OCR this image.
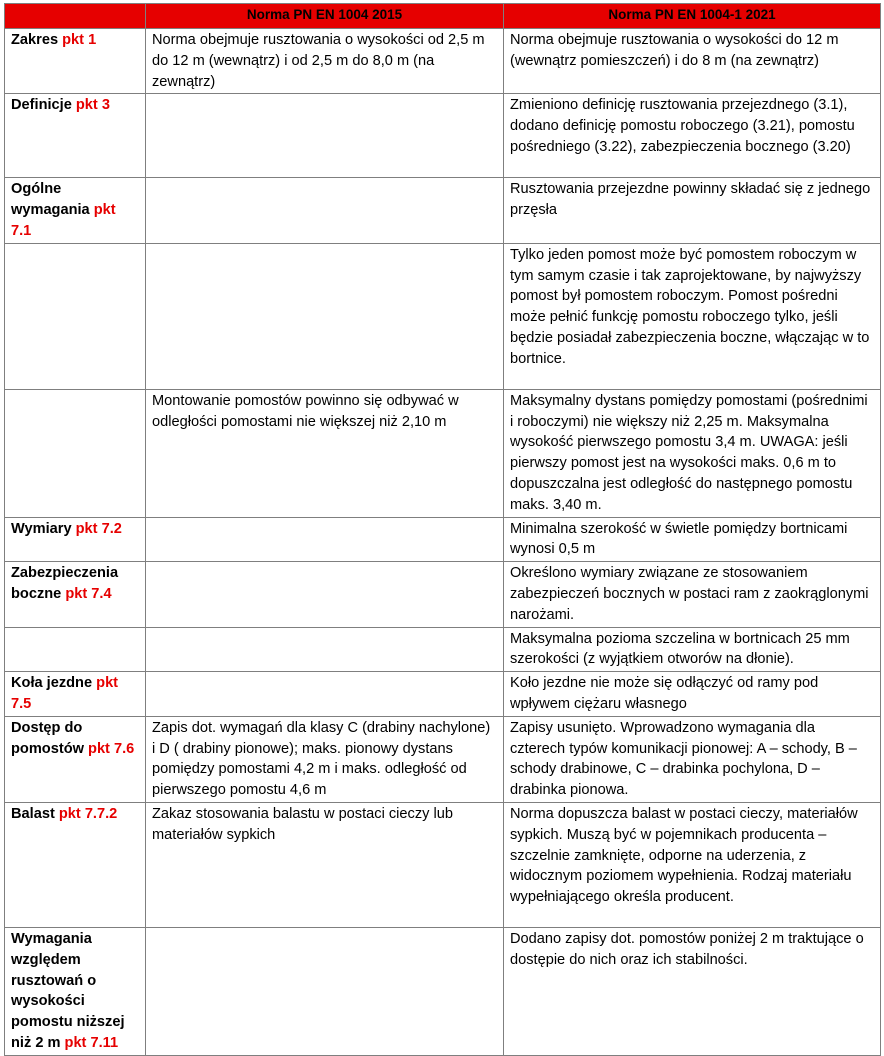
	Norma PN EN 1004 2015	Norma PN EN 1004-1 2021
Zakres pkt 1	Norma obejmuje rusztowania o wysokości od 2,5 m do 12 m (wewnątrz) i od 2,5 m do 8,0 m (na zewnątrz)	Norma obejmuje rusztowania o wysokości do 12 m (wewnątrz pomieszczeń) i do 8 m (na zewnątrz)
Definicje pkt 3		Zmieniono definicję rusztowania przejezdnego (3.1), dodano definicję pomostu roboczego (3.21), pomostu pośredniego (3.22), zabezpieczenia bocznego (3.20)
Ogólne wymagania pkt 7.1		Rusztowania przejezdne powinny składać się z jednego przęsła
		Tylko jeden pomost może być pomostem roboczym w tym samym czasie i tak zaprojektowane, by najwyższy pomost był pomostem roboczym. Pomost pośredni może pełnić funkcję pomostu roboczego tylko, jeśli będzie posiadał zabezpieczenia boczne, włączając w to bortnice.
	Montowanie pomostów powinno się odbywać w odległości pomostami nie większej niż 2,10 m	Maksymalny dystans pomiędzy pomostami (pośrednimi i roboczymi) nie większy niż 2,25 m. Maksymalna wysokość pierwszego pomostu 3,4 m. UWAGA: jeśli pierwszy pomost jest na wysokości maks. 0,6 m to dopuszczalna jest odległość do następnego pomostu maks. 3,40 m.
Wymiary pkt 7.2		Minimalna szerokość w świetle pomiędzy bortnicami wynosi 0,5 m
Zabezpieczenia boczne pkt 7.4		Określono wymiary związane ze stosowaniem zabezpieczeń bocznych w postaci ram z zaokrąglonymi narożami.
		Maksymalna pozioma szczelina w bortnicach 25 mm szerokości (z wyjątkiem otworów na dłonie).
Koła jezdne pkt 7.5		Koło jezdne nie może się odłączyć od ramy pod wpływem ciężaru własnego
Dostęp do pomostów pkt 7.6	Zapis dot. wymagań dla klasy C (drabiny nachylone) i D ( drabiny pionowe); maks. pionowy dystans pomiędzy pomostami 4,2 m i maks. odległość od pierwszego pomostu 4,6 m	Zapisy usunięto. Wprowadzono wymagania dla czterech typów komunikacji pionowej: A – schody, B – schody drabinowe, C – drabinka pochylona, D – drabinka pionowa.
Balast pkt 7.7.2	Zakaz stosowania balastu w postaci cieczy lub materiałów sypkich	Norma dopuszcza balast w postaci cieczy, materiałów sypkich. Muszą być w pojemnikach producenta – szczelnie zamknięte, odporne na uderzenia, z widocznym poziomem wypełnienia. Rodzaj materiału wypełniającego określa producent.
Wymagania względem rusztowań o wysokości pomostu niższej niż 2 m pkt 7.11		Dodano zapisy dot. pomostów poniżej 2 m traktujące o dostępie do nich oraz ich stabilności.
